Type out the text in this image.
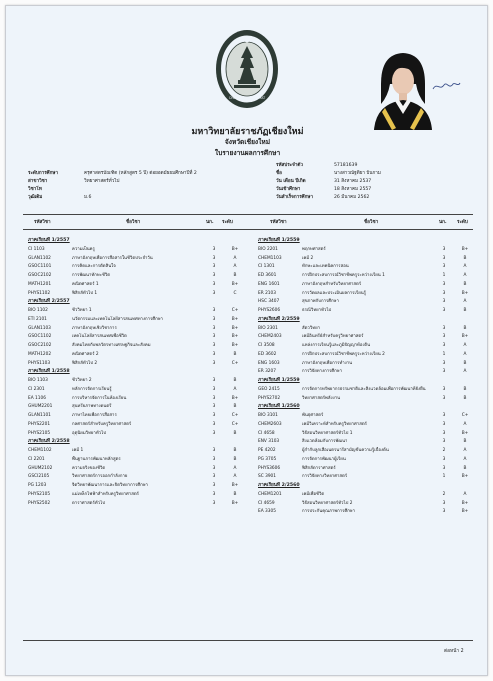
CHIANG MAI RAJABHAT
มหาวิทยาลัยราชภัฏเชียงใหม่
จังหวัดเชียงใหม่
ใบรายงานผลการศึกษา
รหัสประจำตัว	57181639
ชื่อ	นางสาวณัฐติยา ปันกาม
วัน เดือน ปีเกิด	31 สิงหาคม 2537
วันเข้าศึกษา	18 สิงหาคม 2557
วันสำเร็จการศึกษา	26 มีนาคม 2562
ระดับการศึกษา	ครุศาสตรบัณฑิต (หลักสูตร 5 ปี) ต่อยอดมัธยมศึกษาปีที่ 2
สาขาวิชา	วิทยาศาสตร์ทั่วไป
วิชาโท
วุฒิเดิม	ม.6
รหัสวิชา	ชื่อวิชา	นก. ระดับ	รหัสวิชา	ชื่อวิชา	นก. ระดับ
ภาคเรียนที่ 1/2557
CI 1103	ความเป็นครู	3	B+
GLAN1102	ภาษาอังกฤษเพื่อการสื่อสารในชีวิตประจำวัน	3	A
GSOC1101	การคิดและการตัดสินใจ	3	A
GSOC2102	การพัฒนาทักษะชีวิต	3	B
MATH1201	คณิตศาสตร์ 1	3	B+
PHYS1102	ฟิสิกส์ทั่วไป 1	3	C
ภาคเรียนที่ 2/2557
BIO 1102	ชีววิทยา 1	3	C+
ETI 2101	นวัตกรรมและเทคโนโลยีสารสนเทศทางการศึกษา	3	B+
GLAN1103	ภาษาอังกฤษเชิงวิชาการ	3	B+
GSOC1102	เทคโนโลยีสารสนเทศเพื่อชีวิต	3	B+
GSOC2102	สังคมไทยกับพลวัตรทางเศรษฐกิจและสังคม	3	B+
MATH1202	คณิตศาสตร์ 2	3	B
PHYS1103	ฟิสิกส์ทั่วไป 2	3	C+
ภาคเรียนที่ 1/2558
BIO 1103	ชีววิทยา 2	3	B
CI 2301	หลักการจัดการเรียนรู้	3	A
EA 1106	การบริหารจัดการในห้องเรียน	3	B+
GHUM2201	สุนทรียภาพทางดนตรี	3	B
GLAN1101	ภาษาไทยเพื่อการสื่อสาร	3	C+
PHYS2201	กลศาสตร์สำหรับครูวิทยาศาสตร์	3	C+
PHYS2105	อุตุนิยมวิทยาทั่วไป	3	B
ภาคเรียนที่ 2/2558
CHEM1102	เคมี 1	3	B
CI 2201	พื้นฐานการพัฒนาหลักสูตร	3	B
GHUM2102	ความจริงของชีวิต	3	A
GSCI2105	วิทยาศาสตร์การออกกำลังกาย	3	A
PG 1203	จิตวิทยาพัฒนาการและจิตวิทยาการศึกษา	3	B+
PHYS2105	แม่เหล็กไฟฟ้าสำหรับครูวิทยาศาสตร์	3	B
PHYS2502	ดาราศาสตร์ทั่วไป	3	B+
ภาคเรียนที่ 1/2559
BIO 2201	พฤกษศาสตร์	3	B+
CHEM1103	เคมี 2	3	B
CI 1301	ทักษะและเทคนิคการสอน	3	A
ED 3601	การฝึกประสบการณ์วิชาชีพครูระหว่างเรียน 1	1	A
ENG 1601	ภาษาอังกฤษสำหรับวิทยาศาสตร์	3	B
ER 2103	การวัดผลและประเมินผลการเรียนรู้	3	B+
HSC 3407	สุขภาพกับการศึกษา	3	A
PHYS2606	ธรณีวิทยาทั่วไป	3	B
ภาคเรียนที่ 2/2559
BIO 2301	สัตววิทยา	3	B
CHEM2403	เคมีอินทรีย์สำหรับครูวิทยาศาสตร์	3	B+
CI 3508	แหล่งการเรียนรู้และภูมิปัญญาท้องถิ่น	3	A
ED 3602	การฝึกประสบการณ์วิชาชีพครูระหว่างเรียน 2	1	A
ENG 1603	ภาษาอังกฤษเพื่อการทำงาน	3	B
ER 3207	การวิจัยทางการศึกษา	3	A
ภาคเรียนที่ 1/2559
GEO 2415	การจัดการทรัพยากรธรรมชาติและสิ่งแวดล้อมเพื่อการพัฒนาที่ยั่งยืน	3	B
PHYS2702	วิทยาศาสตร์พลังงาน	3	B
ภาคเรียนที่ 1/2560
BIO 3101	พันธุศาสตร์	3	C+
CHEM2603	เคมีวิเคราะห์สำหรับครูวิทยาศาสตร์	3	A
CI 4658	วิธีสอนวิทยาศาสตร์ทั่วไป 1	3	B+
ENV 3103	สิ่งแวดล้อมกับการพัฒนา	3	B
PE 4202	ผู้กำกับลูกเสือเนตรนารีสามัญขั้นความรู้เบื้องต้น	2	A
PG 3705	การจัดการพัฒนาผู้เรียน	3	A
PHYS3606	ฟิสิกส์ดาราศาสตร์	3	B
SC 3901	การวิจัยทางวิทยาศาสตร์	1	B+
ภาคเรียนที่ 2/2560
CHEM1201	เคมีเพื่อชีวิต	2	A
CI 4659	วิธีสอนวิทยาศาสตร์ทั่วไป 2	3	B+
EA 3305	การประกันคุณภาพการศึกษา	3	B+
ต่อหน้า 2
